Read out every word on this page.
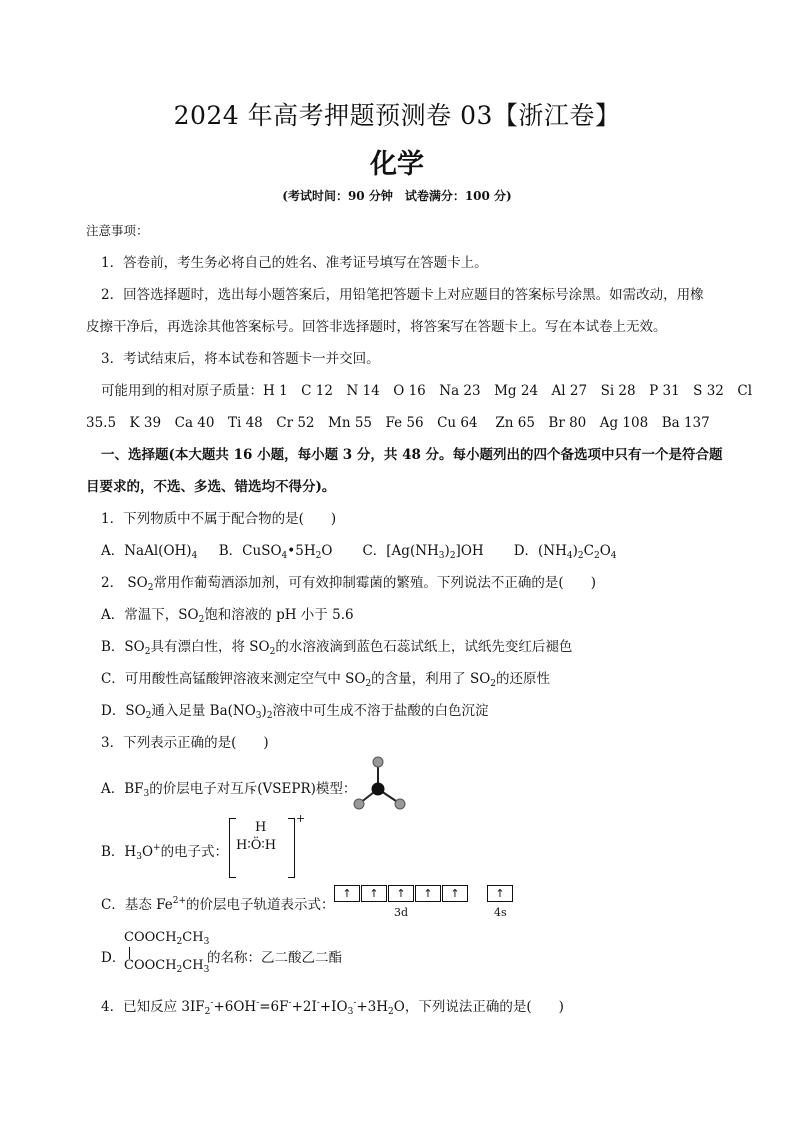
2024 年高考押题预测卷 03【浙江卷】
化学
(考试时间：90 分钟　试卷满分：100 分)
注意事项：
1．答卷前，考生务必将自己的姓名、准考证号填写在答题卡上。
2．回答选择题时，选出每小题答案后，用铅笔把答题卡上对应题目的答案标号涂黑。如需改动，用橡
皮擦干净后，再选涂其他答案标号。回答非选择题时，将答案写在答题卡上。写在本试卷上无效。
3．考试结束后，将本试卷和答题卡一并交回。
可能用到的相对原子质量：H 1　C 12　N 14　O 16　Na 23　Mg 24　Al 27　Si 28　P 31　S 32　Cl
35.5　K 39　Ca 40　Ti 48　Cr 52　Mn 55　Fe 56　Cu 64　 Zn 65　Br 80　Ag 108　Ba 137
一、选择题(本大题共 16 小题，每小题 3 分，共 48 分。每小题列出的四个备选项中只有一个是符合题
目要求的，不选、多选、错选均不得分)。
1．下列物质中不属于配合物的是(　　)
A．$NaAl(OH)_4$ B．$CuSO_4•5H_2O$ C．$[Ag(NH_3)_2]OH$ D．$(NH_4)_2C_2O_4$
2． $SO_2$常用作葡萄酒添加剂，可有效抑制霉菌的繁殖。下列说法不正确的是(　　)
A．常温下，$SO_2$饱和溶液的 pH 小于 5.6
B．$SO_2$具有漂白性，将 $SO_2$的水溶液滴到蓝色石蕊试纸上，试纸先变红后褪色
C．可用酸性高锰酸钾溶液来测定空气中 $SO_2$的含量，利用了 $SO_2$的还原性
D．$SO_2$通入足量 $Ba(NO_3)_2$溶液中可生成不溶于盐酸的白色沉淀
3．下列表示正确的是(　　)
A．$BF_3$的价层电子对互斥(VSEPR)模型：
B．$H_3O^+$的电子式：
H
H∶Ö∶H
+
C．基态 $Fe^{2+}$的价层电子轨道表示式：
↑	↑	↑	↑	↑	↑
3d	4s
D．
$COOCH_2CH_3$
$COOCH_2CH_3$
的名称：乙二酸乙二酯
4．已知反应 $3IF_2^-+6OH^-=6F^-+2I^-+IO_3^-+3H_2O$，下列说法正确的是(　　)
